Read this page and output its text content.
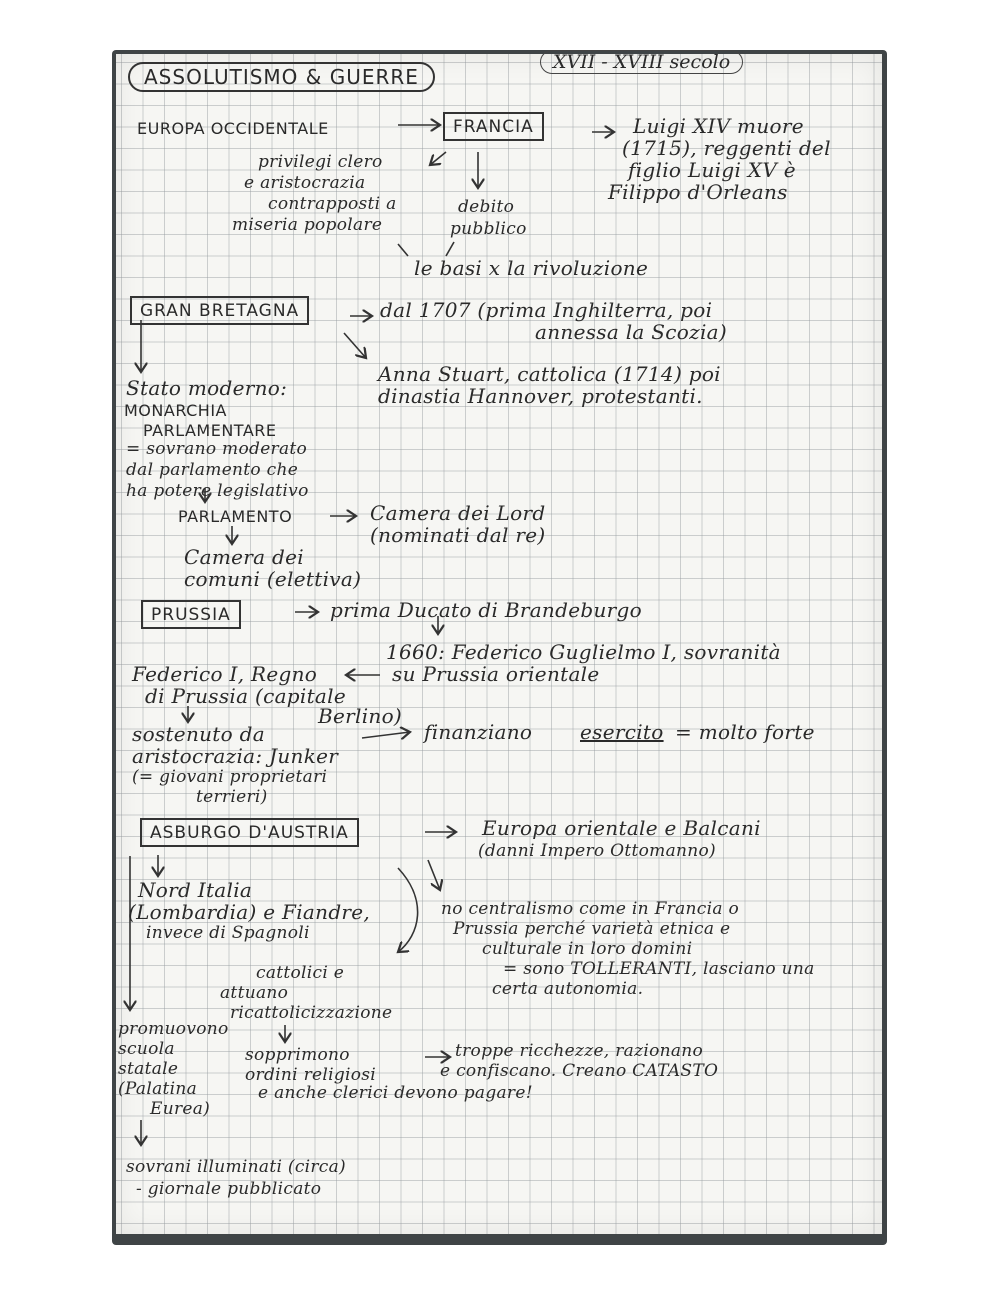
ASSOLUTISMO & GUERRE
XVII - XVIII secolo
EUROPA OCCIDENTALE	FRANCIA	Luigi XIV muore
(1715), reggenti del
figlio Luigi XV è
Filippo d'Orleans
privilegi clero
e aristocrazia
contrapposti a
miseria popolare
debito
pubblico
le basi x la rivoluzione
GRAN BRETAGNA	dal 1707 (prima Inghilterra, poi
annessa la Scozia)
Anna Stuart, cattolica (1714) poi
dinastia Hannover, protestanti.
Stato moderno:
MONARCHIA
PARLAMENTARE
= sovrano moderato
dal parlamento che
ha potere legislativo
PARLAMENTO	Camera dei Lord
(nominati dal re)
Camera dei
comuni (elettiva)
PRUSSIA	prima Ducato di Brandeburgo
1660: Federico Guglielmo I, sovranità
su Prussia orientale
Federico I, Regno
di Prussia (capitale
Berlino)
sostenuto da
aristocrazia: Junker
(= giovani proprietari
terrieri)
finanziano esercito = molto forte
ASBURGO D'AUSTRIA	Europa orientale e Balcani
(danni Impero Ottomanno)
Nord Italia
(Lombardia) e Fiandre,
invece di Spagnoli
no centralismo come in Francia o
Prussia perché varietà etnica e
culturale in loro domini
= sono TOLLERANTI, lasciano una
certa autonomia.
cattolici e
attuano
ricattolicizzazione
promuovono
scuola
statale
(Palatina
Eurea)
sopprimono
ordini religiosi
troppe ricchezze, razionano
e confiscano. Creano CATASTO
e anche clerici devono pagare!
sovrani illuminati (circa)
- giornale pubblicato
